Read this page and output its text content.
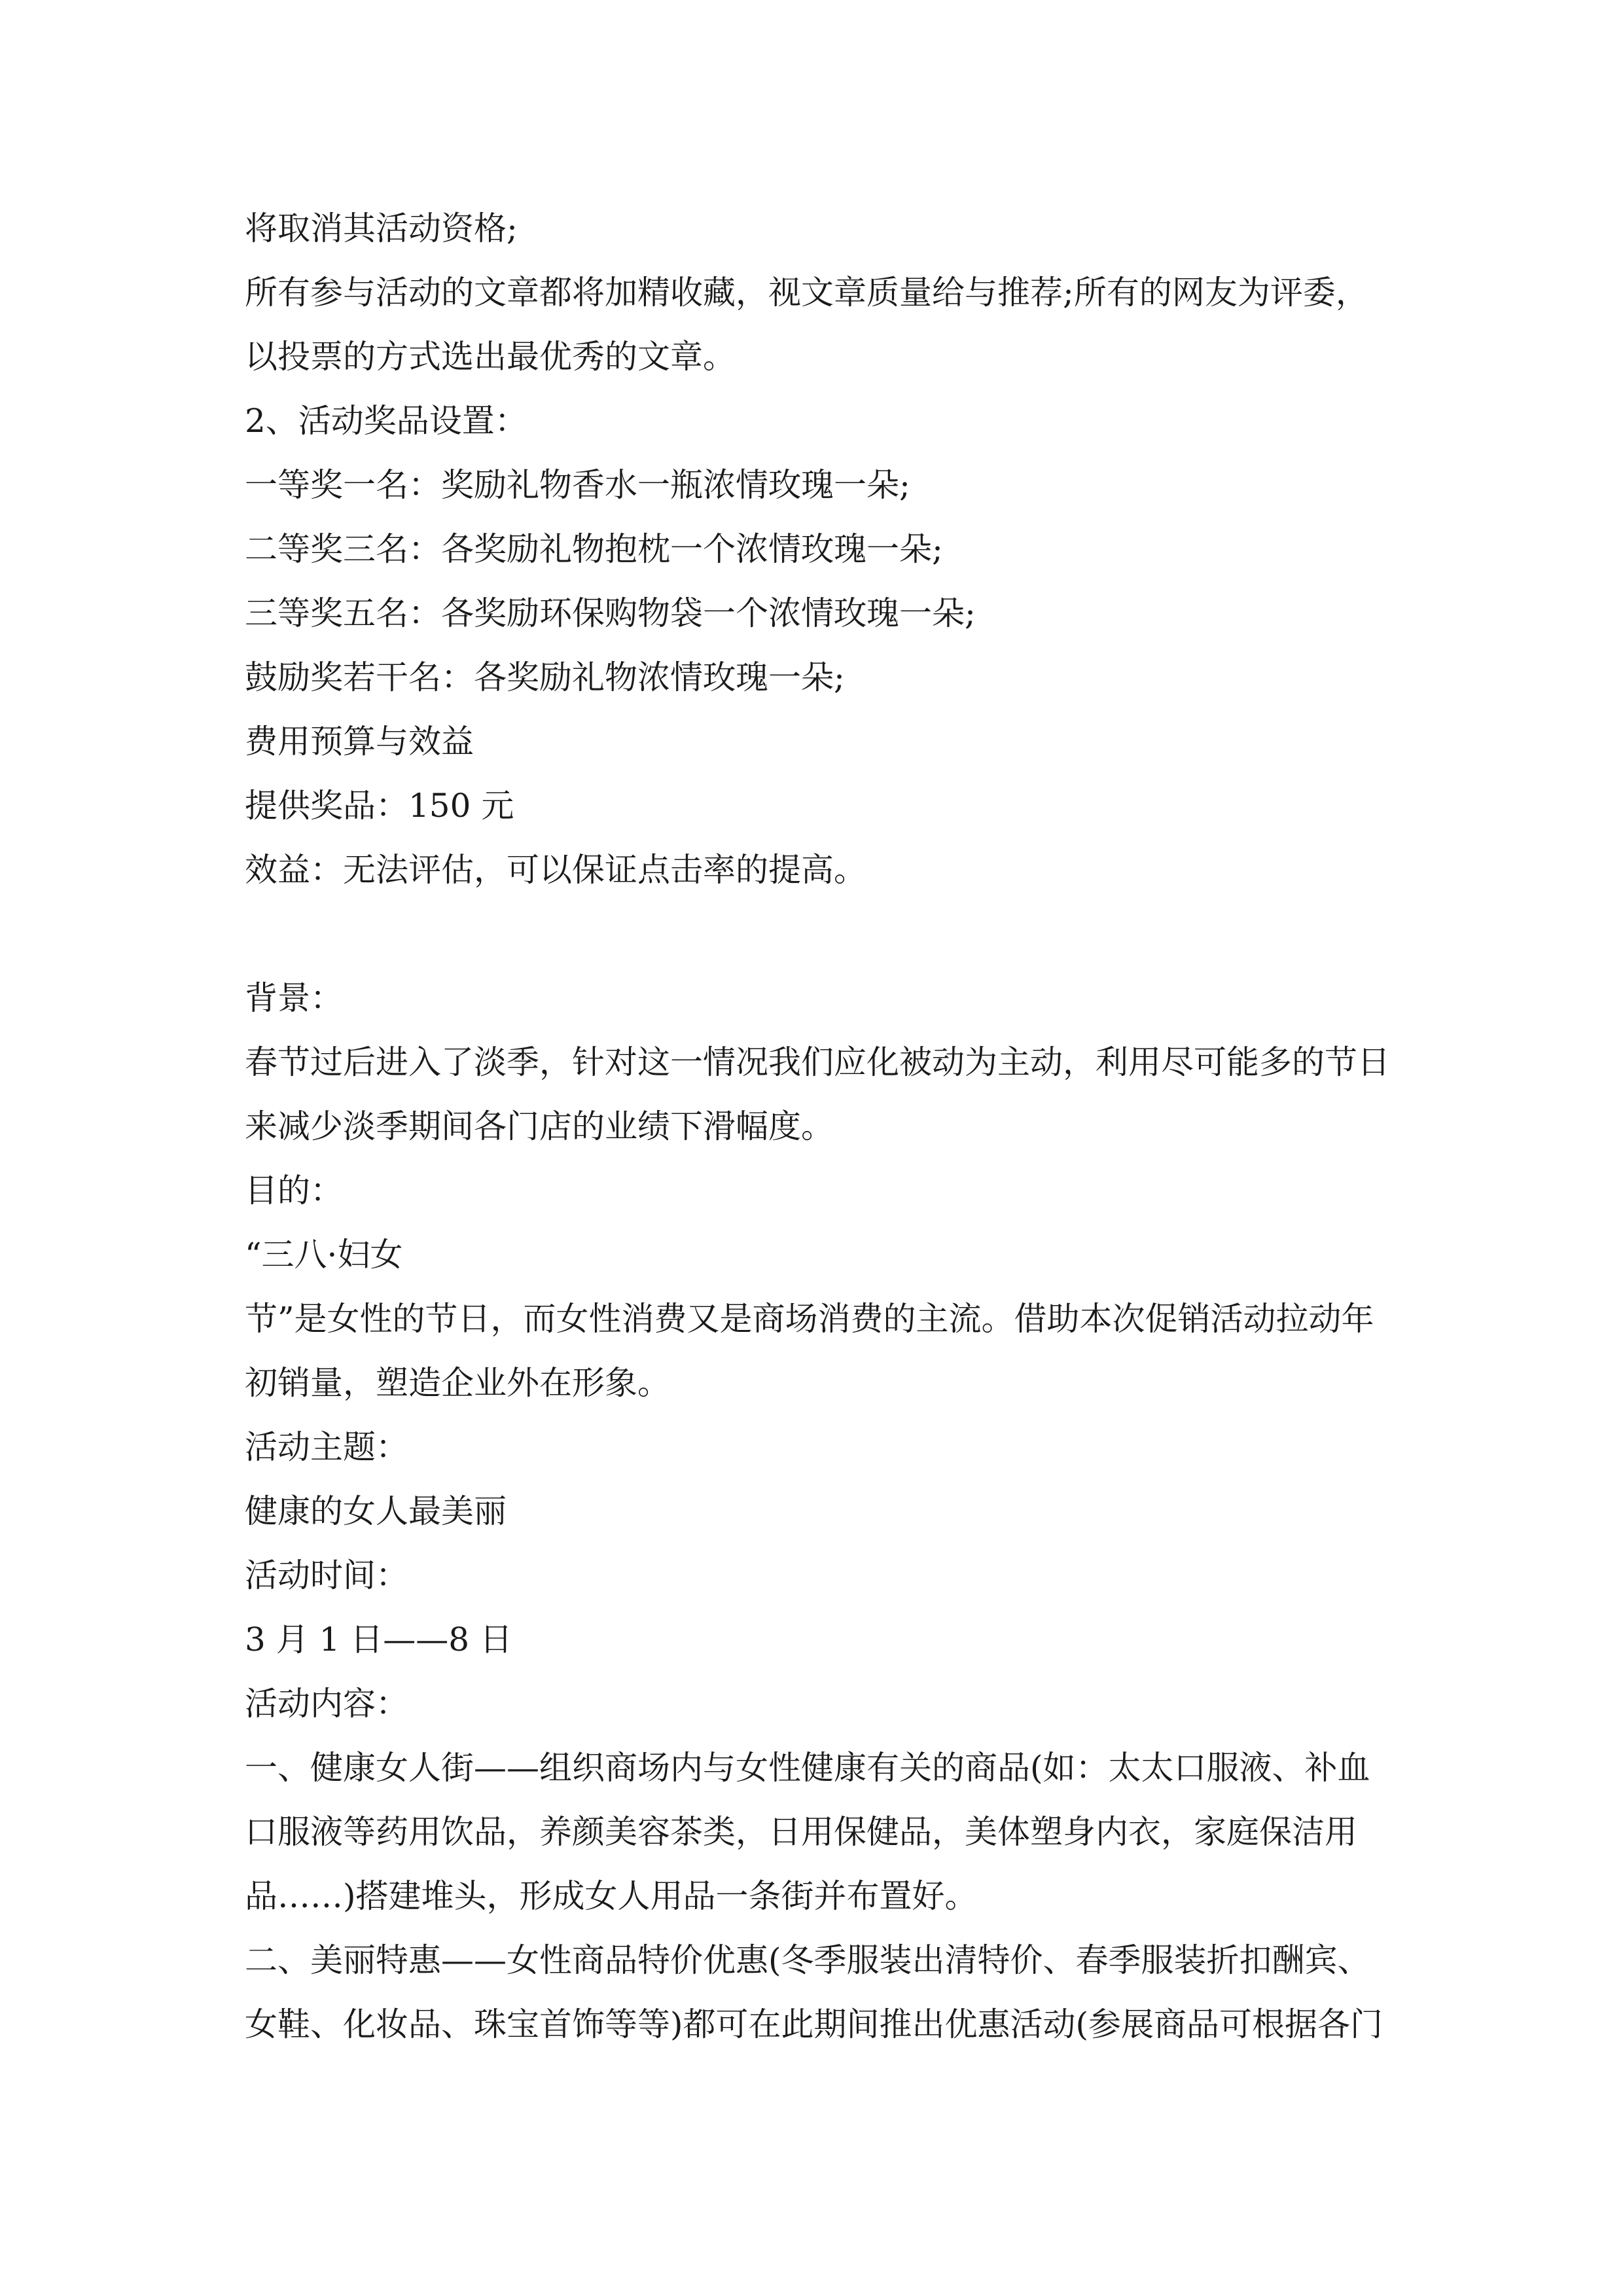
将取消其活动资格;
所有参与活动的文章都将加精收藏，视文章质量给与推荐;所有的网友为评委，
以投票的方式选出最优秀的文章。
2、活动奖品设置：
一等奖一名：奖励礼物香水一瓶浓情玫瑰一朵;
二等奖三名：各奖励礼物抱枕一个浓情玫瑰一朵;
三等奖五名：各奖励环保购物袋一个浓情玫瑰一朵;
鼓励奖若干名：各奖励礼物浓情玫瑰一朵;
费用预算与效益
提供奖品：150 元
效益：无法评估，可以保证点击率的提高。
背景：
春节过后进入了淡季，针对这一情况我们应化被动为主动，利用尽可能多的节日
来减少淡季期间各门店的业绩下滑幅度。
目的：
“三八·妇女
节”是女性的节日，而女性消费又是商场消费的主流。借助本次促销活动拉动年
初销量，塑造企业外在形象。
活动主题：
健康的女人最美丽
活动时间：
3 月 1 日——8 日
活动内容：
一、健康女人街——组织商场内与女性健康有关的商品(如：太太口服液、补血
口服液等药用饮品，养颜美容茶类，日用保健品，美体塑身内衣，家庭保洁用
品……)搭建堆头，形成女人用品一条街并布置好。
二、美丽特惠——女性商品特价优惠(冬季服装出清特价、春季服装折扣酬宾、
女鞋、化妆品、珠宝首饰等等)都可在此期间推出优惠活动(参展商品可根据各门
